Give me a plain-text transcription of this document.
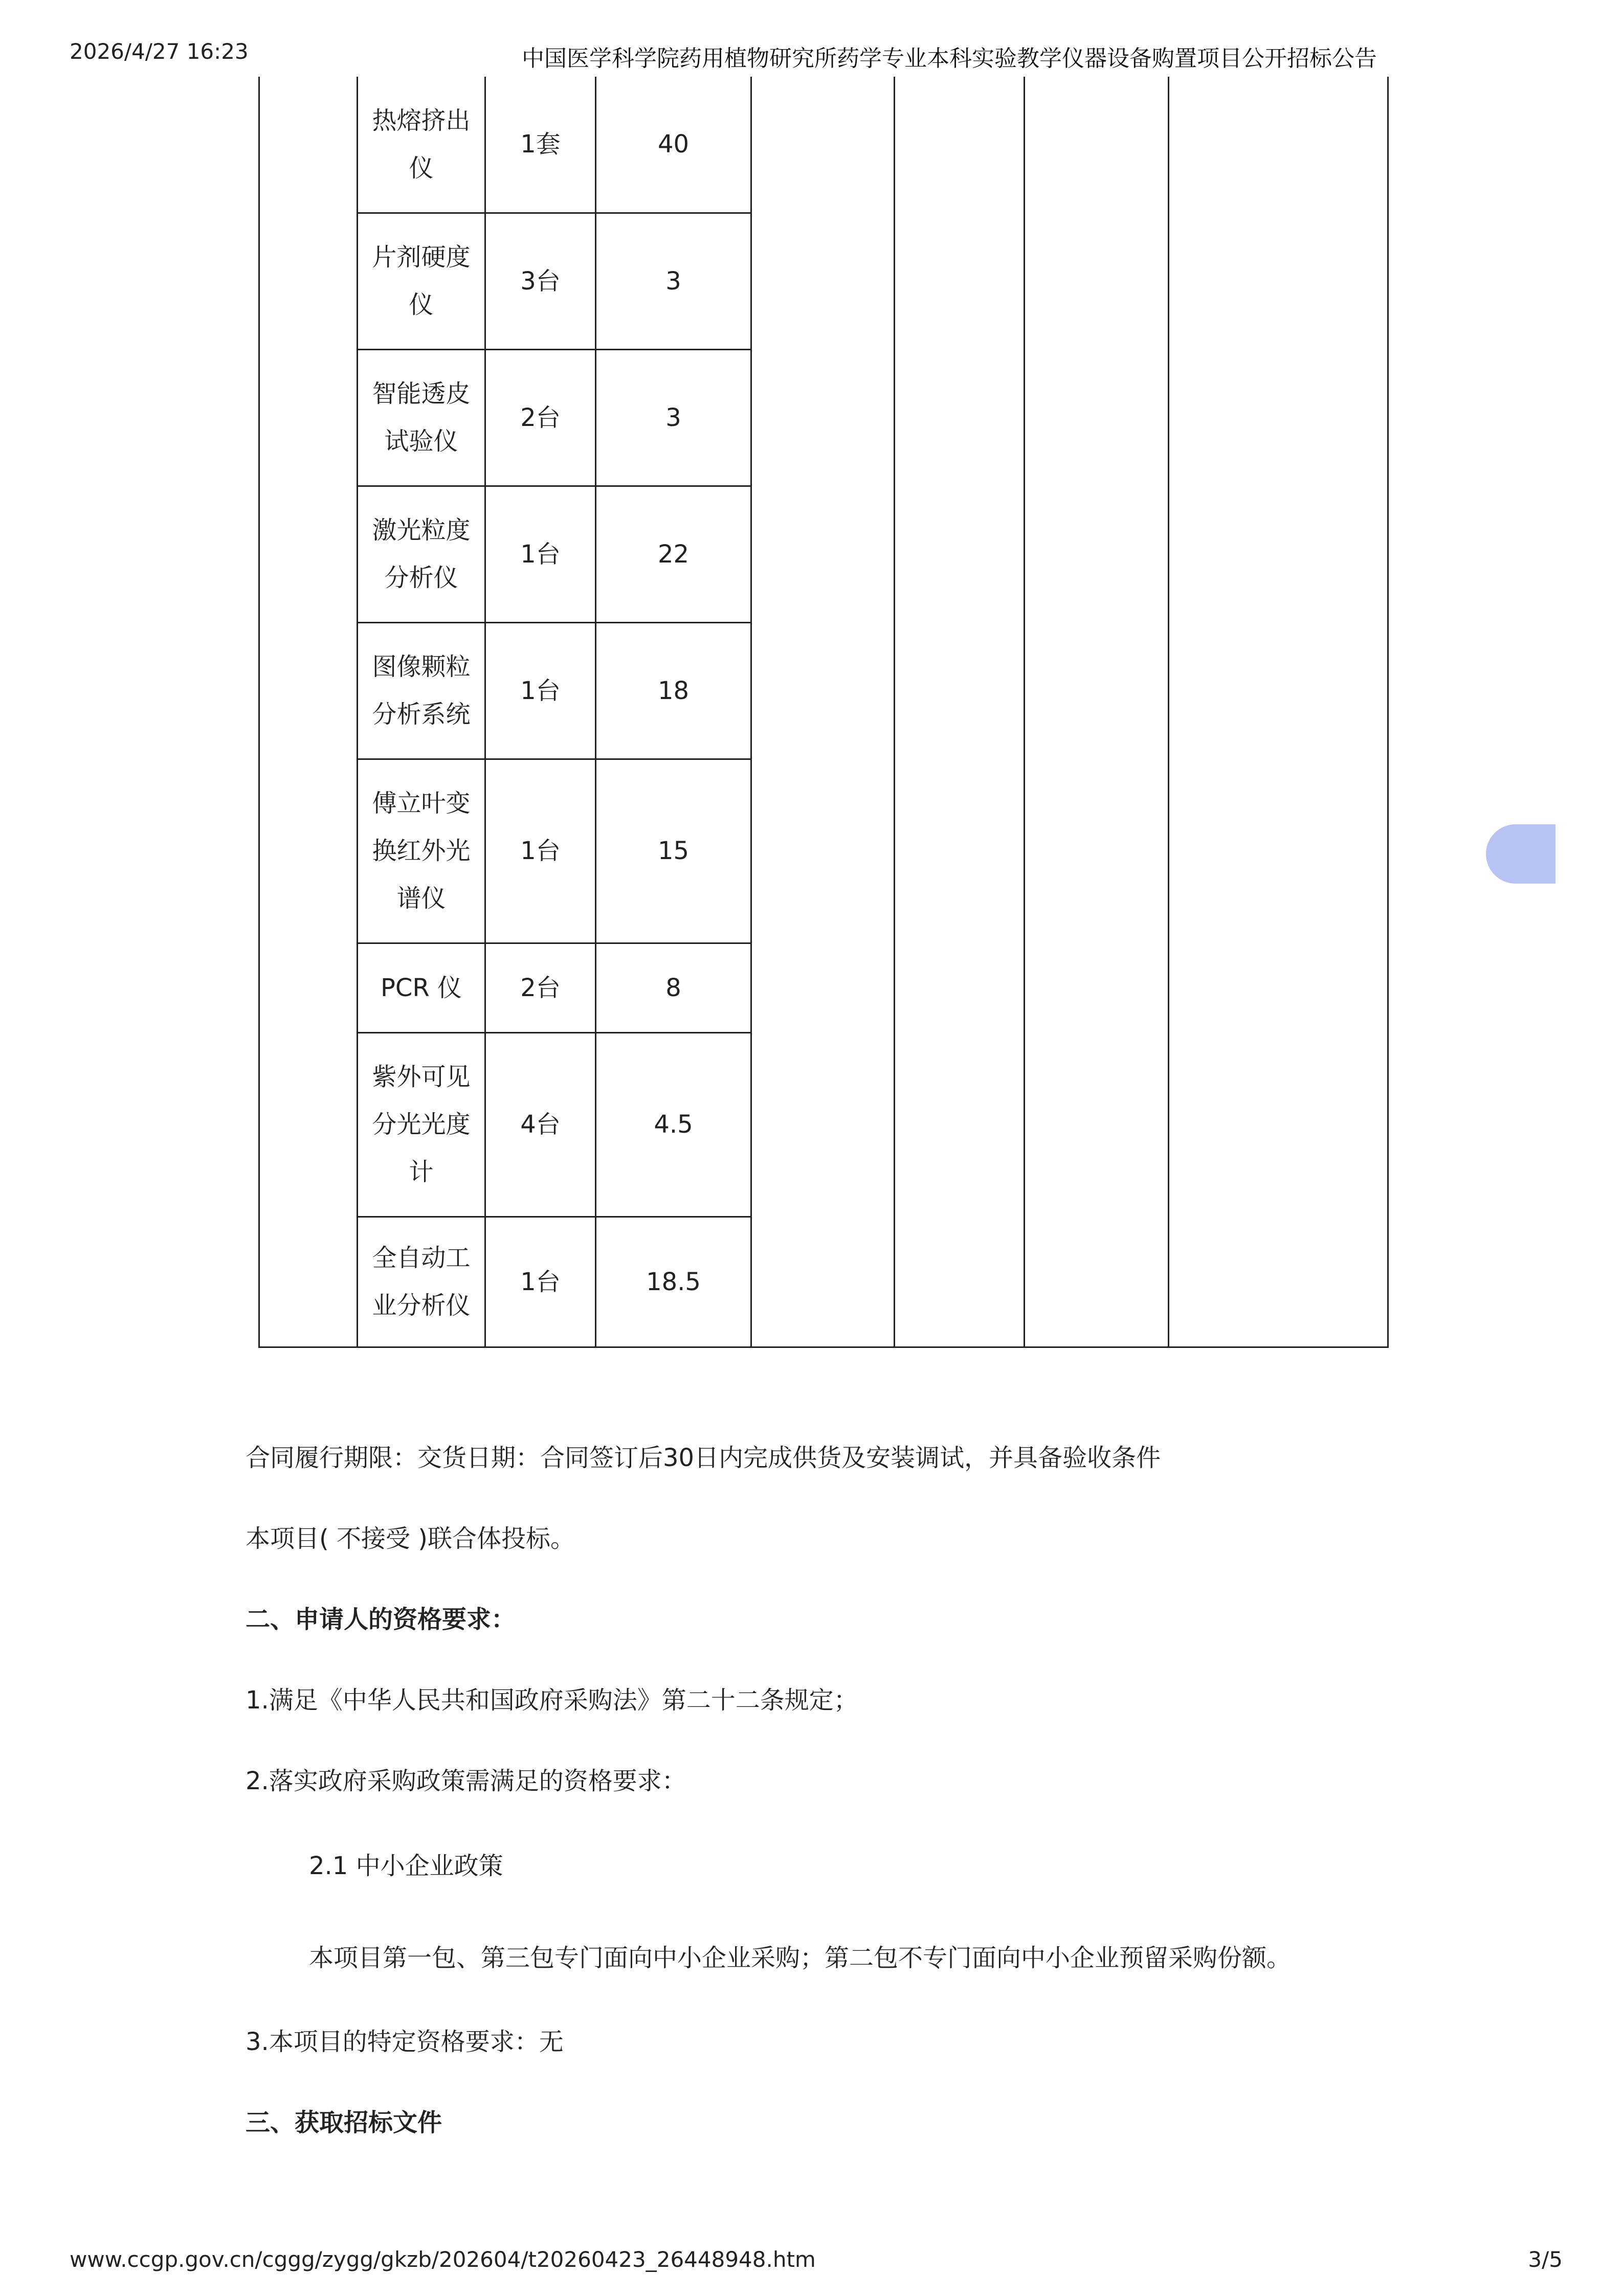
2026/4/27 16:23	中国医学科学院药用植物研究所药学专业本科实验教学仪器设备购置项目公开招标公告
热熔挤出
仪
1套	40
片剂硬度
仪
3台	3
智能透皮
试验仪
2台	3
激光粒度
分析仪
1台	22
图像颗粒
分析系统
1台	18
傅立叶变
换红外光
谱仪
1台	15
PCR 仪	2台	8
紫外可见
分光光度
计
4台	4.5
全自动工
业分析仪
1台	18.5
合同履行期限：交货日期：合同签订后30日内完成供货及安装调试，并具备验收条件
本项目( 不接受 )联合体投标。
二、申请人的资格要求：
1.满足《中华人民共和国政府采购法》第二十二条规定；
2.落实政府采购政策需满足的资格要求：
2.1 中小企业政策
本项目第一包、第三包专门面向中小企业采购；第二包不专门面向中小企业预留采购份额。
3.本项目的特定资格要求：无
三、获取招标文件
www.ccgp.gov.cn/cggg/zygg/gkzb/202604/t20260423_26448948.htm	3/5
